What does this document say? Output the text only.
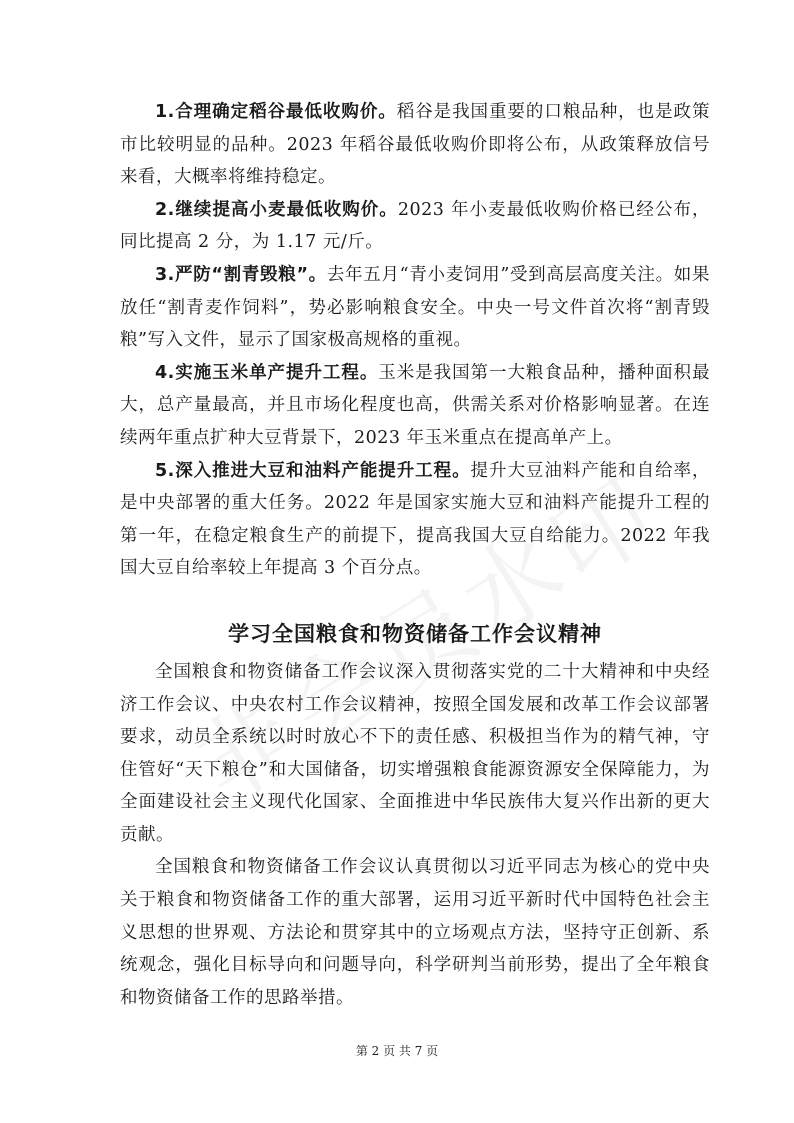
1.合理确定稻谷最低收购价。稻谷是我国重要的口粮品种，也是政策市比较明显的品种。2023 年稻谷最低收购价即将公布，从政策释放信号来看，大概率将维持稳定。

2.继续提高小麦最低收购价。2023 年小麦最低收购价格已经公布，同比提高 2 分，为 1.17 元/斤。

3.严防“割青毁粮”。去年五月“青小麦饲用”受到高层高度关注。如果放任“割青麦作饲料”，势必影响粮食安全。中央一号文件首次将“割青毁粮”写入文件，显示了国家极高规格的重视。

4.实施玉米单产提升工程。玉米是我国第一大粮食品种，播种面积最大，总产量最高，并且市场化程度也高，供需关系对价格影响显著。在连续两年重点扩种大豆背景下，2023 年玉米重点在提高单产上。

5.深入推进大豆和油料产能提升工程。提升大豆油料产能和自给率，是中央部署的重大任务。2022 年是国家实施大豆和油料产能提升工程的第一年，在稳定粮食生产的前提下，提高我国大豆自给能力。2022 年我国大豆自给率较上年提高 3 个百分点。

学习全国粮食和物资储备工作会议精神

全国粮食和物资储备工作会议深入贯彻落实党的二十大精神和中央经济工作会议、中央农村工作会议精神，按照全国发展和改革工作会议部署要求，动员全系统以时时放心不下的责任感、积极担当作为的精气神，守住管好“天下粮仓”和大国储备，切实增强粮食能源资源安全保障能力，为全面建设社会主义现代化国家、全面推进中华民族伟大复兴作出新的更大贡献。

全国粮食和物资储备工作会议认真贯彻以习近平同志为核心的党中央关于粮食和物资储备工作的重大部署，运用习近平新时代中国特色社会主义思想的世界观、方法论和贯穿其中的立场观点方法，坚持守正创新、系统观念，强化目标导向和问题导向，科学研判当前形势，提出了全年粮食和物资储备工作的思路举措。

第 2 页 共 7 页
